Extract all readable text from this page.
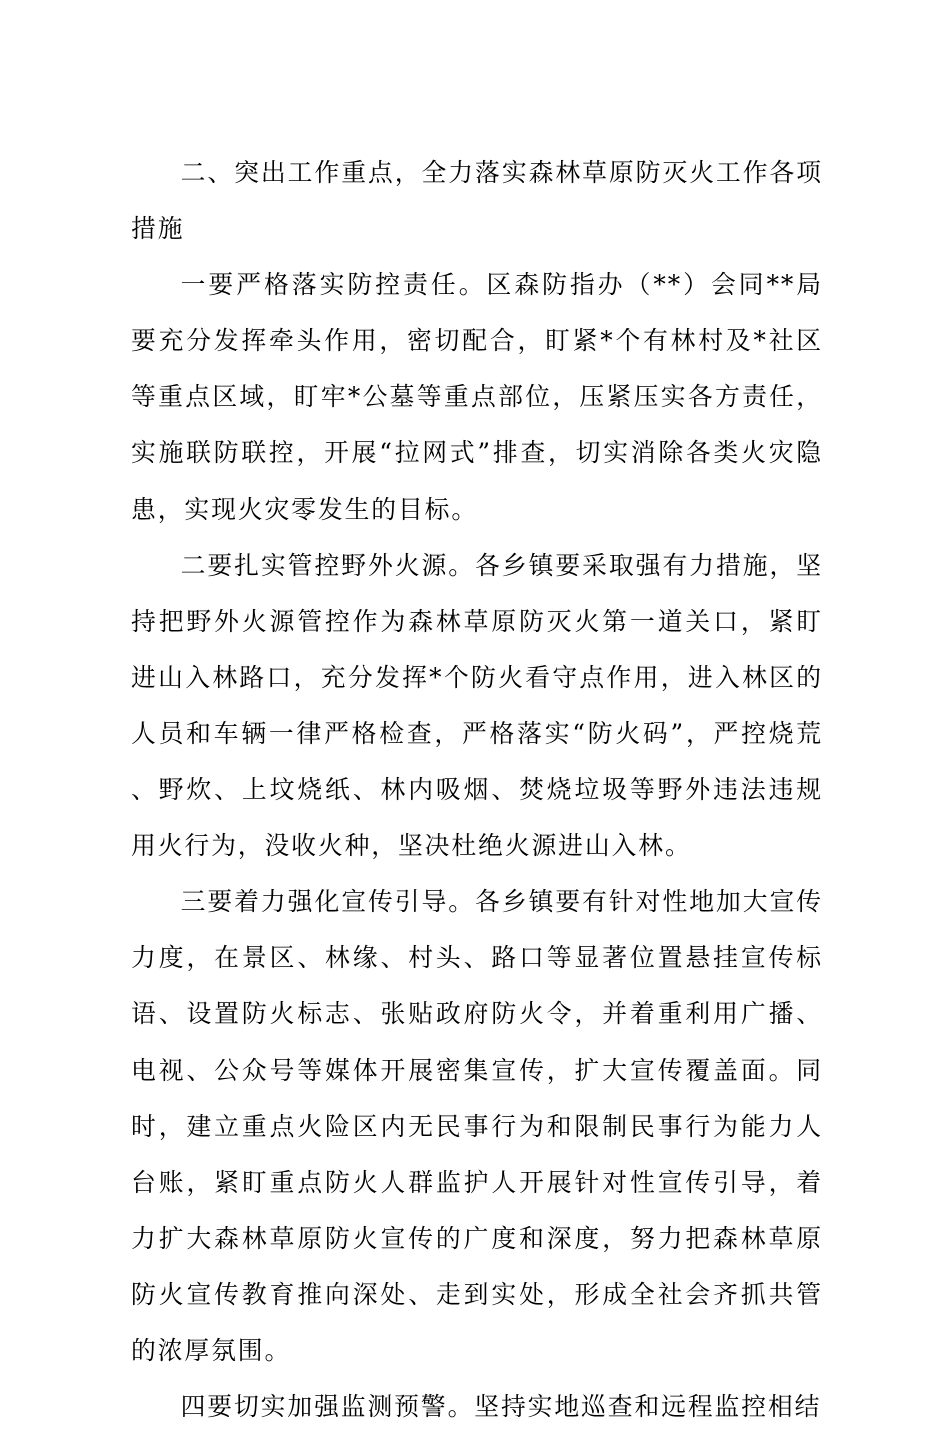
二、突出工作重点，全力落实森林草原防灭火工作各项措施

一要严格落实防控责任。区森防指办（**）会同**局要充分发挥牵头作用，密切配合，盯紧*个有林村及*社区等重点区域，盯牢*公墓等重点部位，压紧压实各方责任，实施联防联控，开展“拉网式”排查，切实消除各类火灾隐患，实现火灾零发生的目标。

二要扎实管控野外火源。各乡镇要采取强有力措施，坚持把野外火源管控作为森林草原防灭火第一道关口，紧盯进山入林路口，充分发挥*个防火看守点作用，进入林区的人员和车辆一律严格检查，严格落实“防火码”，严控烧荒、野炊、上坟烧纸、林内吸烟、焚烧垃圾等野外违法违规用火行为，没收火种，坚决杜绝火源进山入林。

三要着力强化宣传引导。各乡镇要有针对性地加大宣传力度，在景区、林缘、村头、路口等显著位置悬挂宣传标语、设置防火标志、张贴政府防火令，并着重利用广播、电视、公众号等媒体开展密集宣传，扩大宣传覆盖面。同时，建立重点火险区内无民事行为和限制民事行为能力人台账，紧盯重点防火人群监护人开展针对性宣传引导，着力扩大森林草原防火宣传的广度和深度，努力把森林草原防火宣传教育推向深处、走到实处，形成全社会齐抓共管的浓厚氛围。

四要切实加强监测预警。坚持实地巡查和远程监控相结
